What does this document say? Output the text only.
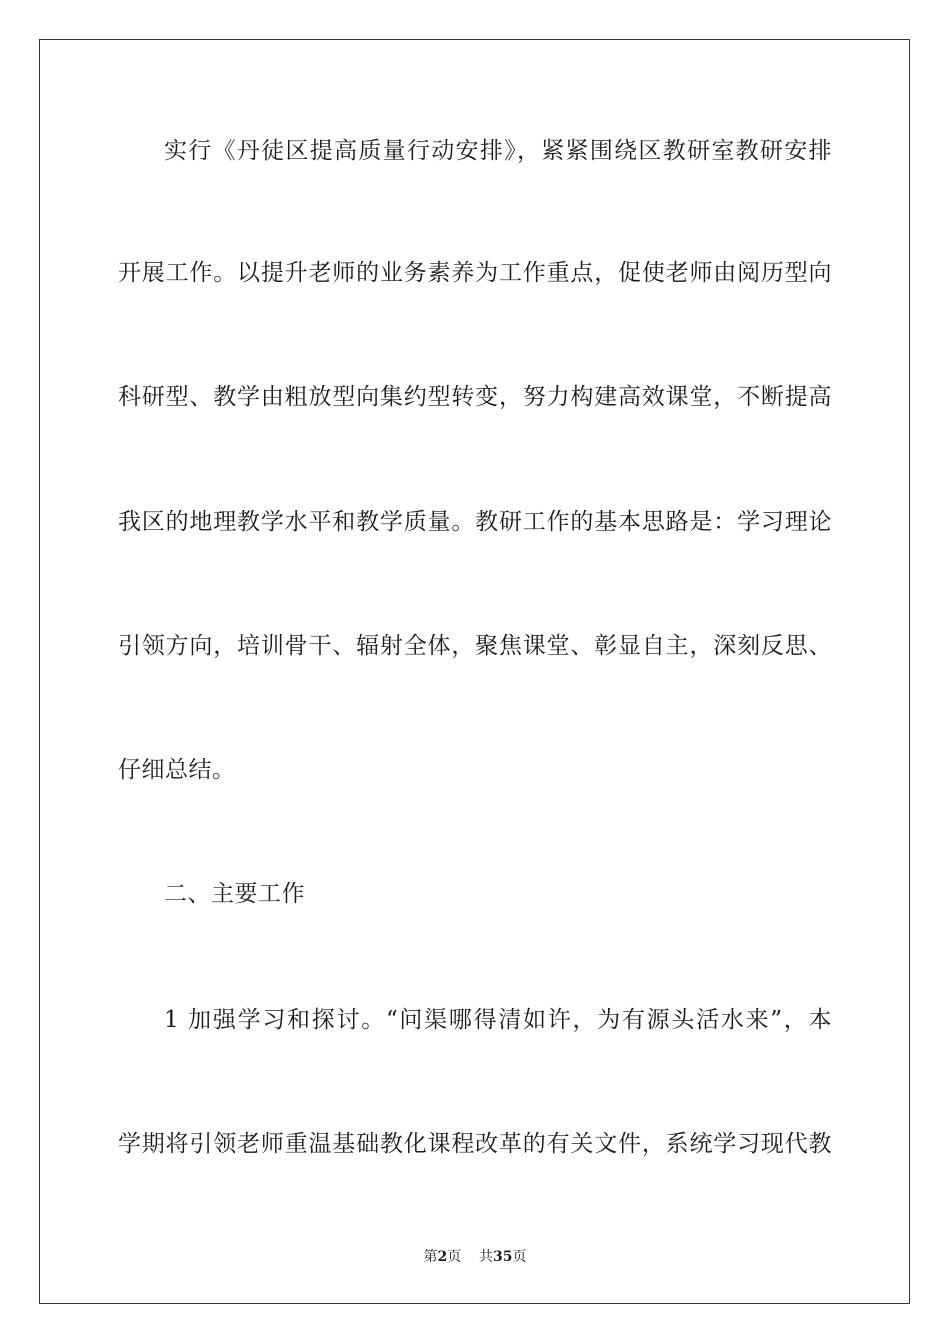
实行《丹徒区提高质量行动安排》，紧紧围绕区教研室教研安排
开展工作。以提升老师的业务素养为工作重点，促使老师由阅历型向
科研型、教学由粗放型向集约型转变，努力构建高效课堂，不断提高
我区的地理教学水平和教学质量。教研工作的基本思路是：学习理论
引领方向，培训骨干、辐射全体，聚焦课堂、彰显自主，深刻反思、
仔细总结。
二、主要工作
1 加强学习和探讨。“问渠哪得清如许，为有源头活水来”，本
学期将引领老师重温基础教化课程改革的有关文件，系统学习现代教
第2页 共35页
